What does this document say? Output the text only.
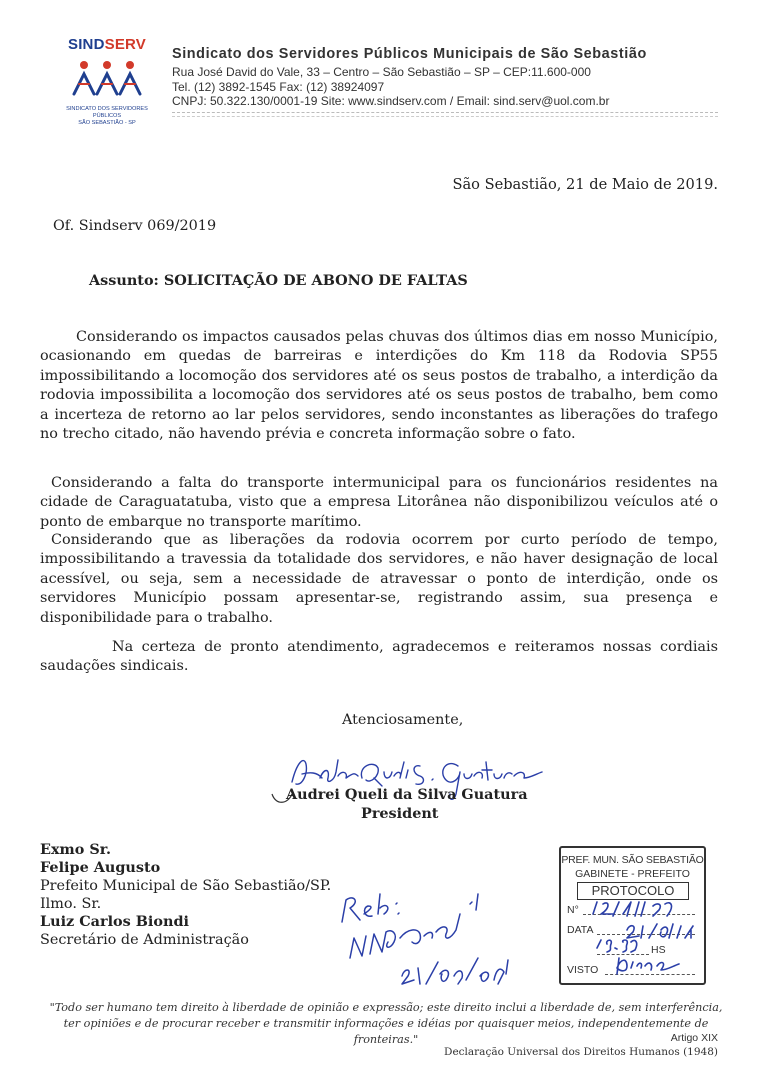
SINDSERV
SINDICATO DOS SERVIDORES PÚBLICOS
SÃO SEBASTIÃO - SP
Sindicato dos Servidores Públicos Municipais de São Sebastião
Rua José David do Vale, 33 – Centro – São Sebastião – SP – CEP:11.600-000
Tel. (12) 3892-1545 Fax: (12) 38924097
CNPJ: 50.322.130/0001-19 Site: www.sindserv.com / Email: sind.serv@uol.com.br
São Sebastião, 21 de Maio de 2019.
Of. Sindserv 069/2019
Assunto: SOLICITAÇÃO DE ABONO DE FALTAS
Considerando os impactos causados pelas chuvas dos últimos dias em nosso Município, ocasionando em quedas de barreiras e interdições do Km 118 da Rodovia SP55 impossibilitando a locomoção dos servidores até os seus postos de trabalho, a interdição da rodovia impossibilita a locomoção dos servidores até os seus postos de trabalho, bem como a incerteza de retorno ao lar pelos servidores, sendo inconstantes as liberações do trafego no trecho citado, não havendo prévia e concreta informação sobre o fato.
Considerando a falta do transporte intermunicipal para os funcionários residentes na cidade de Caraguatatuba, visto que a empresa Litorânea não disponibilizou veículos até o ponto de embarque no transporte marítimo.
Considerando que as liberações da rodovia ocorrem por curto período de tempo, impossibilitando a travessia da totalidade dos servidores, e não haver designação de local acessível, ou seja, sem a necessidade de atravessar o ponto de interdição, onde os servidores Município possam apresentar-se, registrando assim, sua presença e disponibilidade para o trabalho.
Na certeza de pronto atendimento, agradecemos e reiteramos nossas cordiais saudações sindicais.
Atenciosamente,
Audrei Queli da Silva Guatura
President
Exmo Sr.
Felipe Augusto
Prefeito Municipal de São Sebastião/SP.
Ilmo. Sr.
Luiz Carlos Biondi
Secretário de Administração
PREF. MUN. SÃO SEBASTIÃO
GABINETE - PREFEITO
PROTOCOLO
N°
DATA
HS
VISTO
"Todo ser humano tem direito à liberdade de opinião e expressão; este direito inclui a liberdade de, sem interferência, ter opiniões e de procurar receber e transmitir informações e idéias por quaisquer meios, independentemente de fronteiras."	Artigo XIX
Declaração Universal dos Direitos Humanos (1948)
